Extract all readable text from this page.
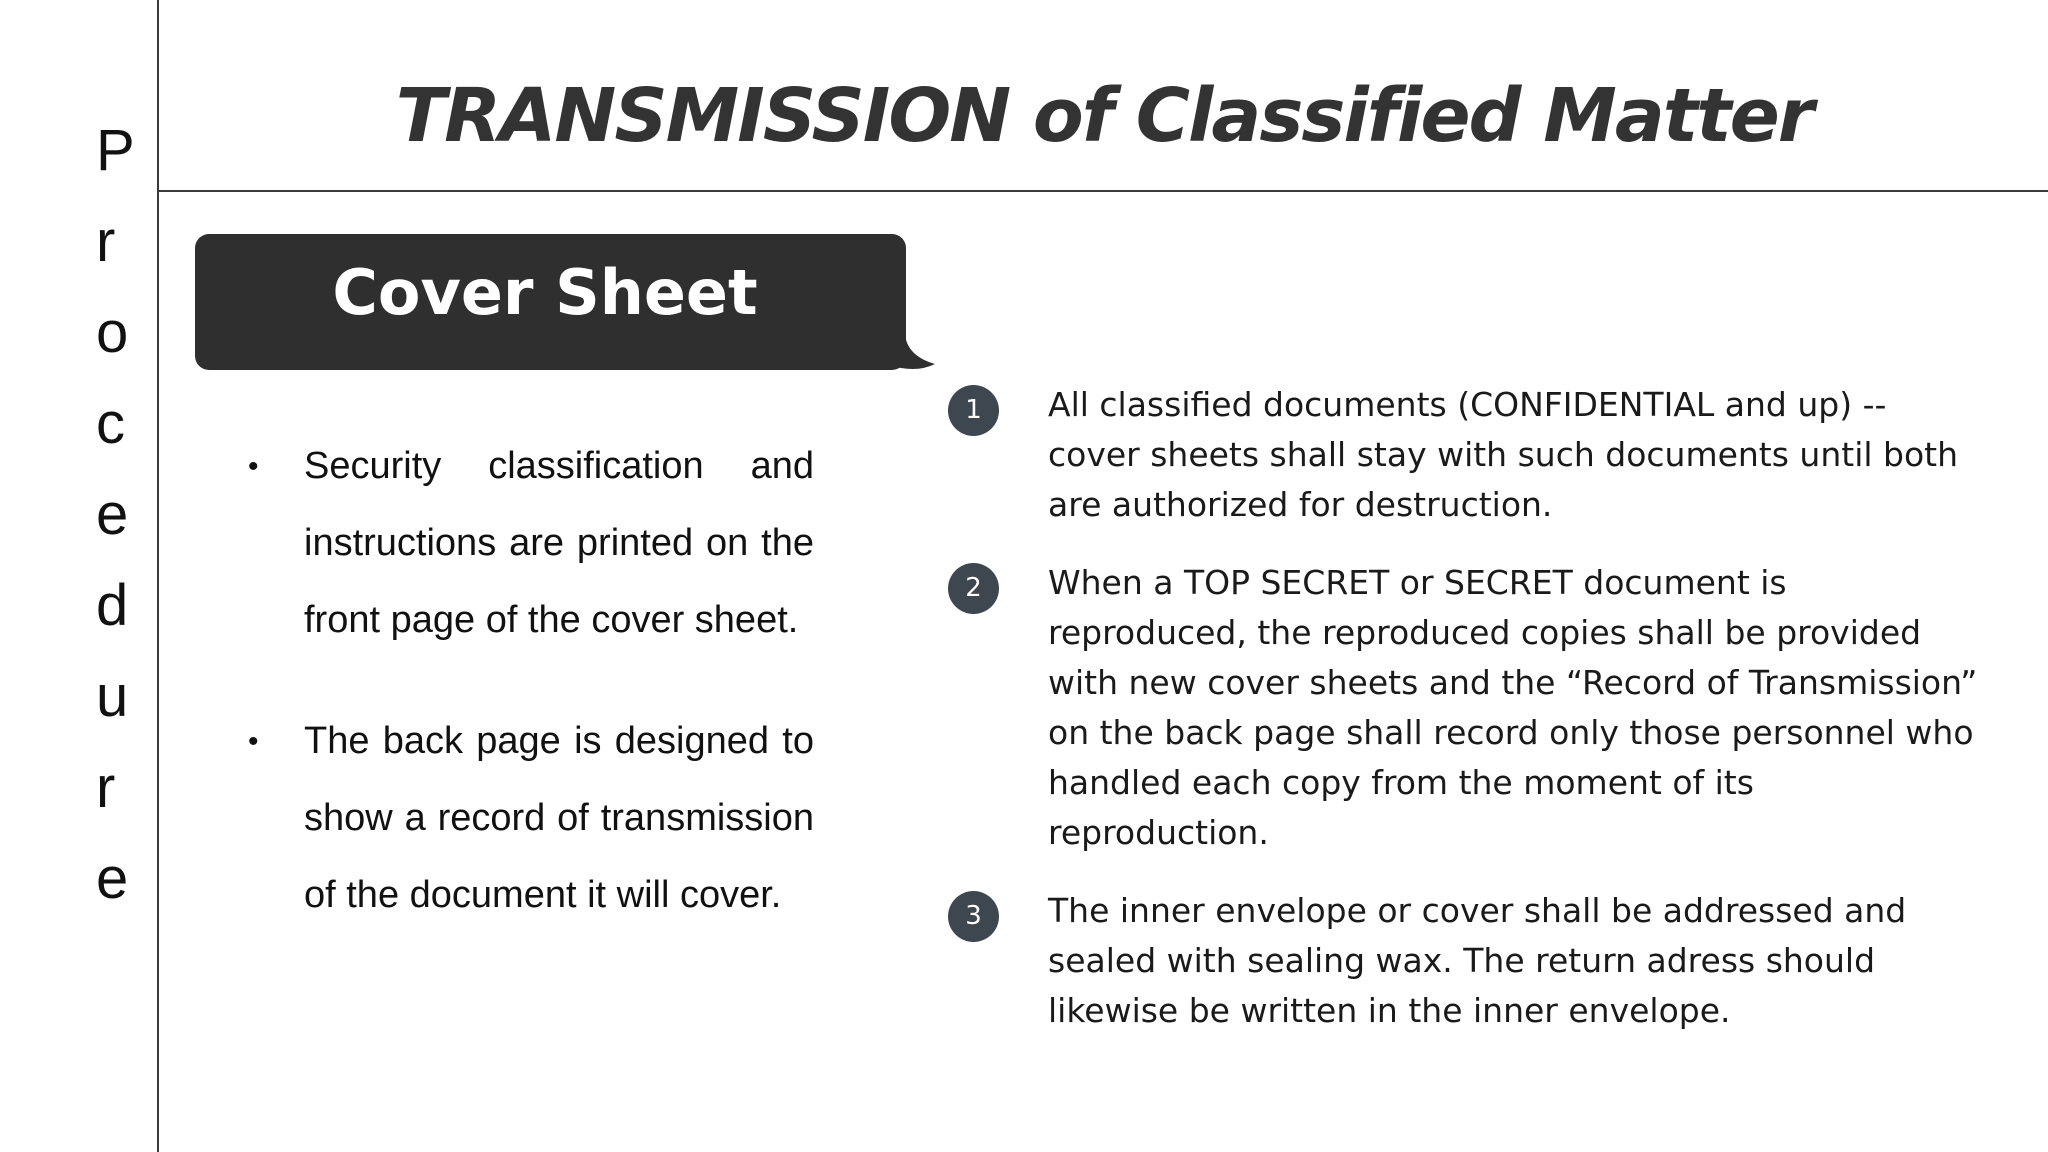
P
r
o
c
e
d
u
r
e
TRANSMISSION of Classified Matter
Cover Sheet
• Security classification and instructions are printed on the front page of the cover sheet.
• The back page is designed to show a record of transmission of the document it will cover.
1	All classified documents (CONFIDENTIAL and up) -- cover sheets shall stay with such documents until both are authorized for destruction.
2	When a TOP SECRET or SECRET document is reproduced, the reproduced copies shall be provided with new cover sheets and the “Record of Transmission” on the back page shall record only those personnel who handled each copy from the moment of its reproduction.
3	The inner envelope or cover shall be addressed and sealed with sealing wax. The return adress should likewise be written in the inner envelope.
